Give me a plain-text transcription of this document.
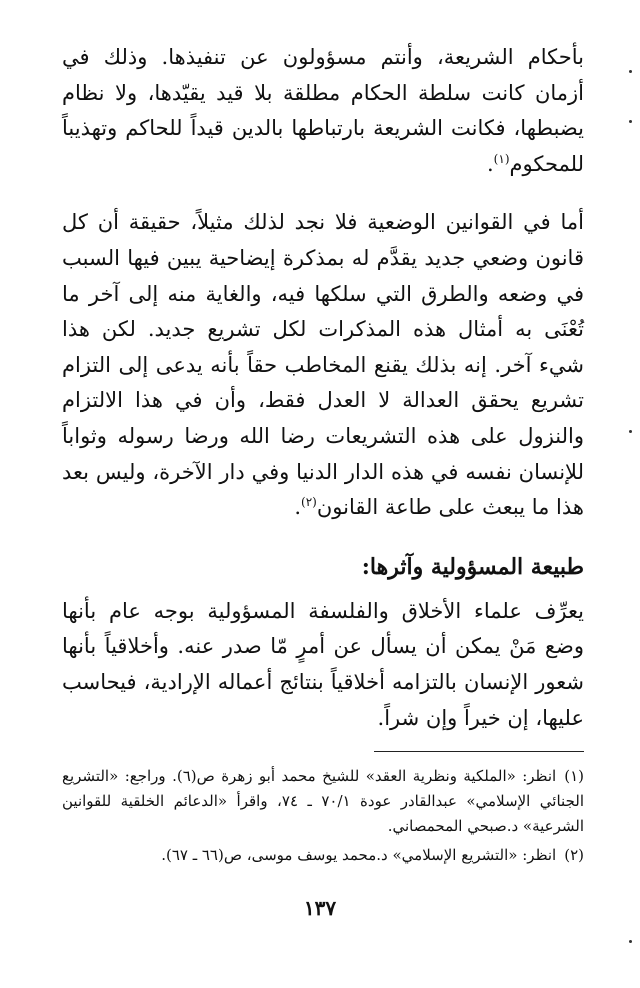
بأحكام الشريعة، وأنتم مسؤولون عن تنفيذها. وذلك في أزمان كانت سلطة الحكام مطلقة بلا قيد يقيّدها، ولا نظام يضبطها، فكانت الشريعة بارتباطها بالدين قيداً للحاكم وتهذيباً للمحكوم$^{(١)}$.

أما في القوانين الوضعية فلا نجد لذلك مثيلاً، حقيقة أن كل قانون وضعي جديد يقدَّم له بمذكرة إيضاحية يبين فيها السبب في وضعه والطرق التي سلكها فيه، والغاية منه إلى آخر ما تُعْنَى به أمثال هذه المذكرات لكل تشريع جديد. لكن هذا شيء آخر. إنه بذلك يقنع المخاطب حقاً بأنه يدعى إلى التزام تشريع يحقق العدالة لا العدل فقط، وأن في هذا الالتزام والنزول على هذه التشريعات رضا الله ورضا رسوله وثواباً للإنسان نفسه في هذه الدار الدنيا وفي دار الآخرة، وليس بعد هذا ما يبعث على طاعة القانون$^{(٢)}$.

طبيعة المسؤولية وآثرها:

يعرِّف علماء الأخلاق والفلسفة المسؤولية بوجه عام بأنها وضع مَنْ يمكن أن يسأل عن أمرٍ مّا صدر عنه. وأخلاقياً بأنها شعور الإنسان بالتزامه أخلاقياً بنتائج أعماله الإرادية، فيحاسب عليها، إن خيراً وإن شراً.

(١)انظر: «الملكية ونظرية العقد» للشيخ محمد أبو زهرة ص(٦). وراجع: «التشريع الجنائي الإسلامي» عبدالقادر عودة ٧٠/١ ـ ٧٤، واقرأ «الدعائم الخلقية للقوانين الشرعية» د.صبحي المحمصاني.

(٢)انظر: «التشريع الإسلامي» د.محمد يوسف موسى، ص(٦٦ ـ ٦٧).

١٣٧
